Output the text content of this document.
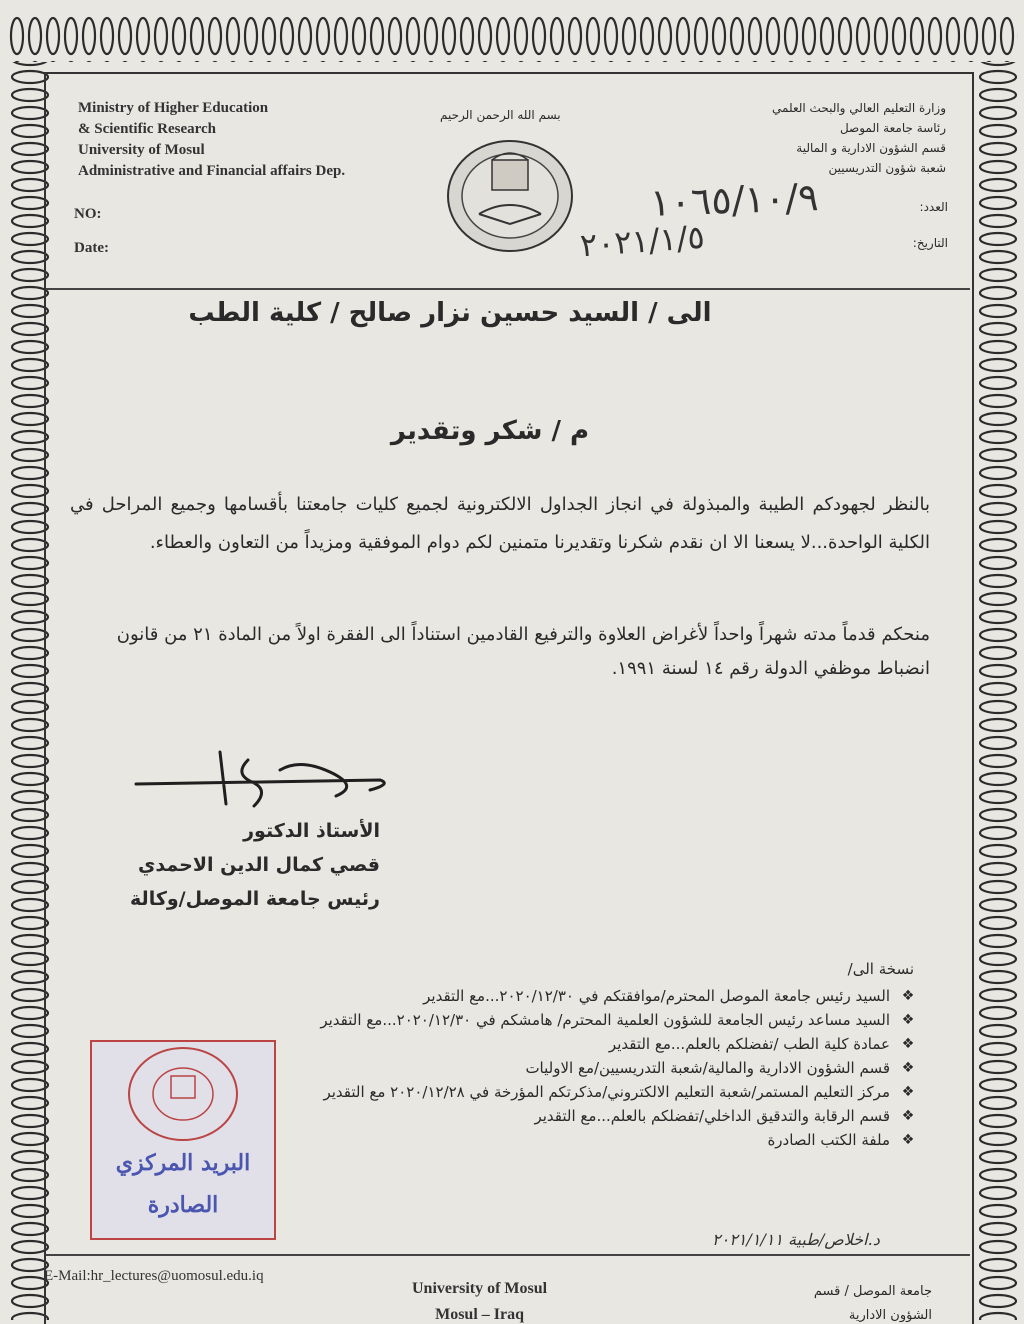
Ministry of Higher Education
& Scientific Research
University of Mosul
Administrative and Financial affairs Dep.
وزارة التعليم العالي والبحث العلمي
رئاسة جامعة الموصل
قسم الشؤون الادارية و المالية
شعبة شؤون التدريسيين
بسم الله الرحمن الرحيم
NO:
Date:
العدد:
التاريخ:
١٠٦٥/١٠/٩
٢٠٢١/١/٥
الى / السيد حسين نزار صالح / كلية الطب
م / شكر وتقدير
بالنظر لجهودكم الطيبة والمبذولة في انجاز الجداول الالكترونية لجميع كليات جامعتنا بأقسامها وجميع المراحل في الكلية الواحدة...لا يسعنا الا ان نقدم شكرنا وتقديرنا متمنين لكم دوام الموفقية ومزيداً من التعاون والعطاء.
منحكم قدماً مدته شهراً واحداً لأغراض العلاوة والترفيع القادمين استناداً الى الفقرة اولاً من المادة ٢١ من قانون انضباط موظفي الدولة رقم ١٤ لسنة ١٩٩١.
الأستاذ الدكتور
قصي كمال الدين الاحمدي
رئيس جامعة الموصل/وكالة
نسخة الى/
❖
السيد رئيس جامعة الموصل المحترم/موافقتكم في ٢٠٢٠/١٢/٣٠...مع التقدير
❖
السيد مساعد رئيس الجامعة للشؤون العلمية المحترم/ هامشكم في ٢٠٢٠/١٢/٣٠...مع التقدير
❖
عمادة كلية الطب /تفضلكم بالعلم...مع التقدير
❖
قسم الشؤون الادارية والمالية/شعبة التدريسيين/مع الاوليات
❖
مركز التعليم المستمر/شعبة التعليم الالكتروني/مذكرتكم المؤرخة في ٢٠٢٠/١٢/٢٨ مع التقدير
❖
قسم الرقابة والتدقيق الداخلي/تفضلكم بالعلم...مع التقدير
❖
ملفة الكتب الصادرة
البريد المركزي
الصادرة
د.اخلاص/طبية ٢٠٢١/١/١١
E-Mail:hr_lectures@uomosul.edu.iq
University of Mosul
Mosul – Iraq
جامعة الموصل / قسم
الشؤون الادارية
